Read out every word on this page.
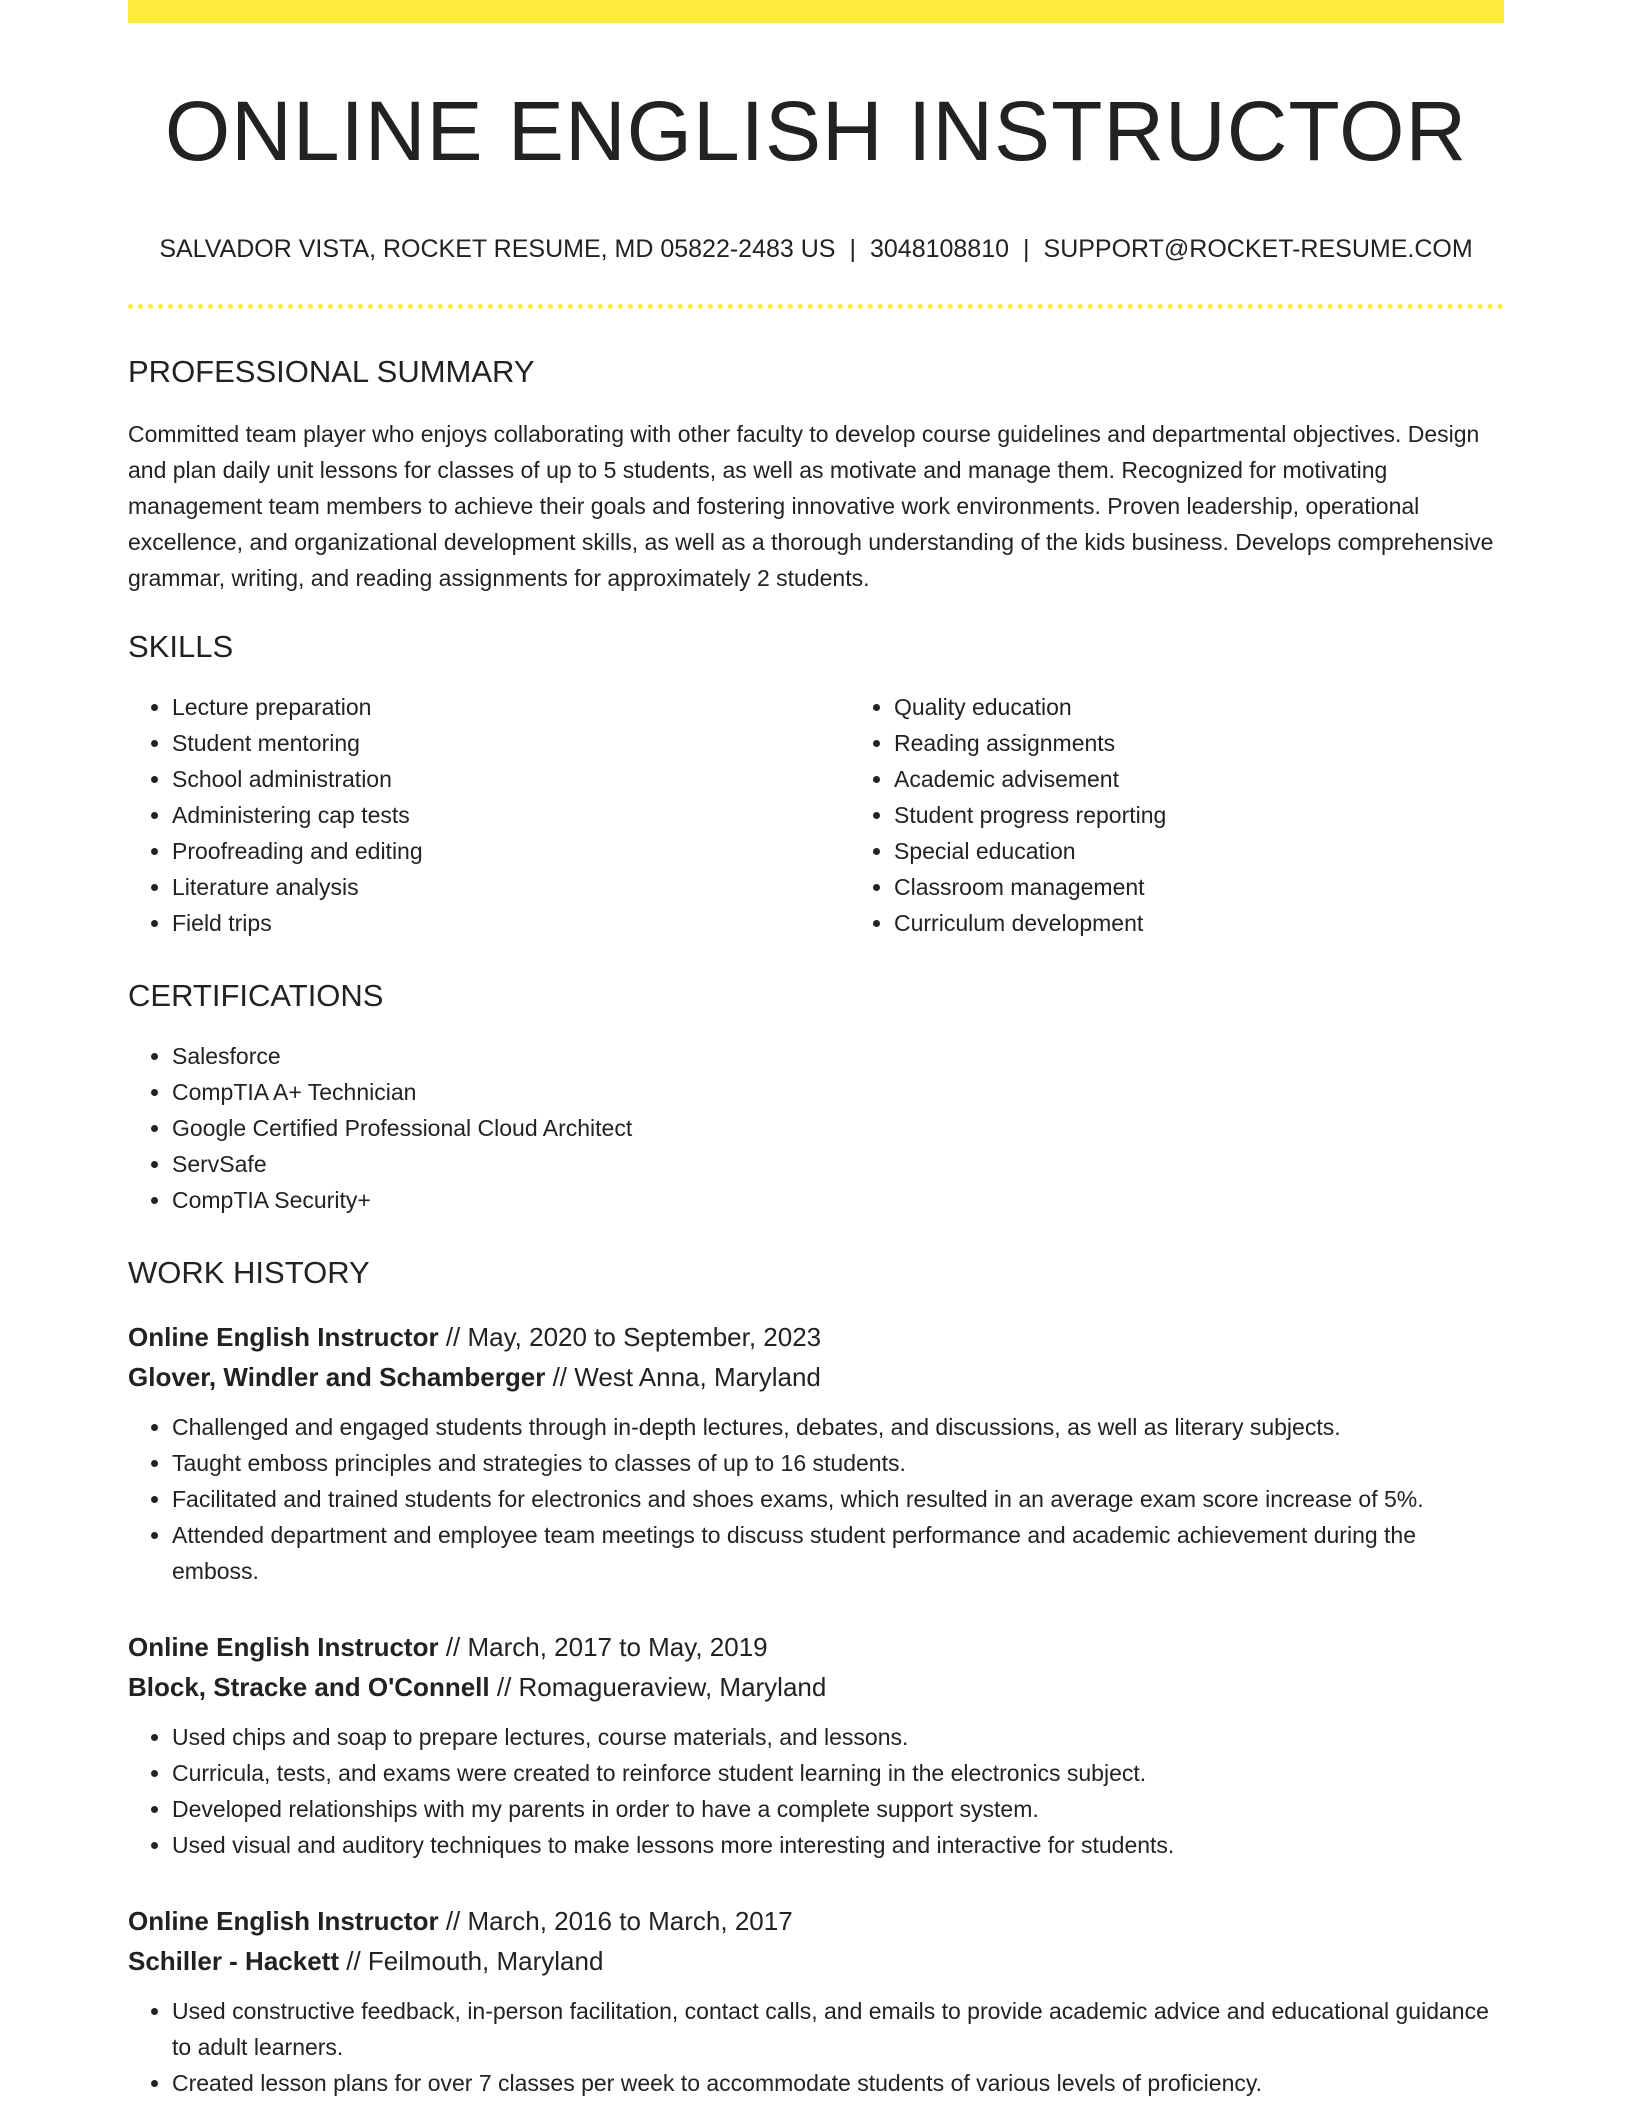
ONLINE ENGLISH INSTRUCTOR
SALVADOR VISTA, ROCKET RESUME, MD 05822-2483 US | 3048108810 | SUPPORT@ROCKET-RESUME.COM
PROFESSIONAL SUMMARY

Committed team player who enjoys collaborating with other faculty to develop course guidelines and departmental objectives. Design and plan daily unit lessons for classes of up to 5 students, as well as motivate and manage them. Recognized for motivating management team members to achieve their goals and fostering innovative work environments. Proven leadership, operational excellence, and organizational development skills, as well as a thorough understanding of the kids business. Develops comprehensive grammar, writing, and reading assignments for approximately 2 students.

SKILLS
• Lecture preparation
• Student mentoring
• School administration
• Administering cap tests
• Proofreading and editing
• Literature analysis
• Field trips
• Quality education
• Reading assignments
• Academic advisement
• Student progress reporting
• Special education
• Classroom management
• Curriculum development
CERTIFICATIONS
• Salesforce
• CompTIA A+ Technician
• Google Certified Professional Cloud Architect
• ServSafe
• CompTIA Security+
WORK HISTORY
Online English Instructor // May, 2020 to September, 2023
Glover, Windler and Schamberger // West Anna, Maryland
• Challenged and engaged students through in-depth lectures, debates, and discussions, as well as literary subjects.
• Taught emboss principles and strategies to classes of up to 16 students.
• Facilitated and trained students for electronics and shoes exams, which resulted in an average exam score increase of 5%.
• Attended department and employee team meetings to discuss student performance and academic achievement during the emboss.
Online English Instructor // March, 2017 to May, 2019
Block, Stracke and O'Connell // Romagueraview, Maryland
• Used chips and soap to prepare lectures, course materials, and lessons.
• Curricula, tests, and exams were created to reinforce student learning in the electronics subject.
• Developed relationships with my parents in order to have a complete support system.
• Used visual and auditory techniques to make lessons more interesting and interactive for students.
Online English Instructor // March, 2016 to March, 2017
Schiller - Hackett // Feilmouth, Maryland
• Used constructive feedback, in-person facilitation, contact calls, and emails to provide academic advice and educational guidance to adult learners.
• Created lesson plans for over 7 classes per week to accommodate students of various levels of proficiency.
